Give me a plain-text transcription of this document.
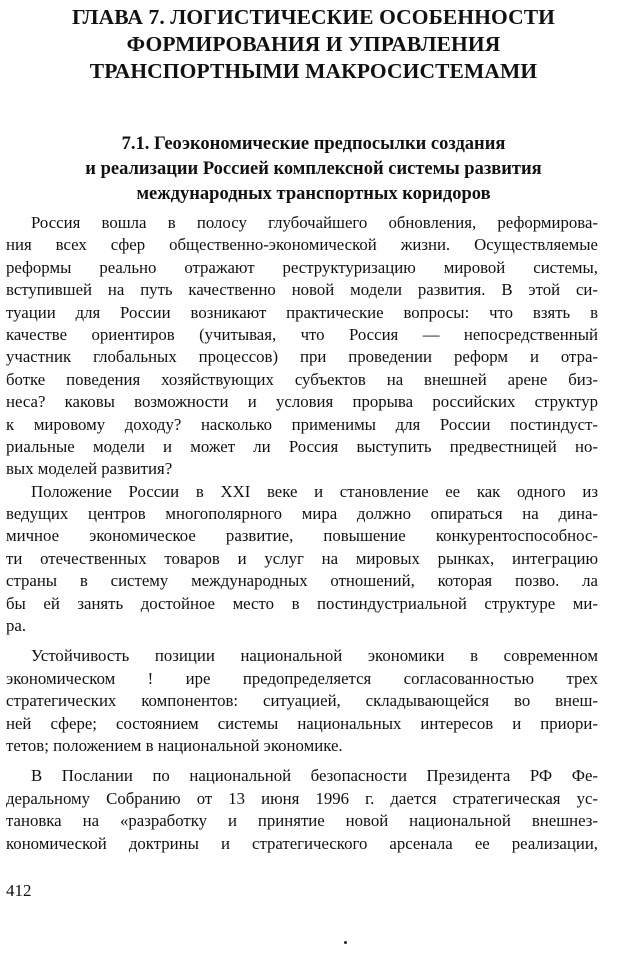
ГЛАВА 7. ЛОГИСТИЧЕСКИЕ ОСОБЕННОСТИ
ФОРМИРОВАНИЯ И УПРАВЛЕНИЯ
ТРАНСПОРТНЫМИ МАКРОСИСТЕМАМИ
7.1. Геоэкономические предпосылки создания
и реализации Россией комплексной системы развития
международных транспортных коридоров
Россия вошла в полосу глубочайшего обновления, реформирова-
ния всех сфер общественно-экономической жизни. Осуществляемые
реформы реально отражают реструктуризацию мировой системы,
вступившей на путь качественно новой модели развития. В этой си-
туации для России возникают практические вопросы: что взять в
качестве ориентиров (учитывая, что Россия — непосредственный
участник глобальных процессов) при проведении реформ и отра-
ботке поведения хозяйствующих субъектов на внешней арене биз-
неса? каковы возможности и условия прорыва российских структур
к мировому доходу? насколько применимы для России постиндуст-
риальные модели и может ли Россия выступить предвестницей но-
вых моделей развития?
Положение России в XXI веке и становление ее как одного из
ведущих центров многополярного мира должно опираться на дина-
мичное экономическое развитие, повышение конкурентоспособнос-
ти отечественных товаров и услуг на мировых рынках, интеграцию
страны в систему международных отношений, которая позво. ла
бы ей занять достойное место в постиндустриальной структуре ми-
ра.
Устойчивость позиции национальной экономики в современном
экономическом ! ире предопределяется согласованностью трех
стратегических компонентов: ситуацией, складывающейся во внеш-
ней сфере; состоянием системы национальных интересов и приори-
тетов; положением в национальной экономике.
В Послании по национальной безопасности Президента РФ Фе-
деральному Собранию от 13 июня 1996 г. дается стратегическая ус-
тановка на «разработку и принятие новой национальной внешнез-
кономической доктрины и стратегического арсенала ее реализации,
412
